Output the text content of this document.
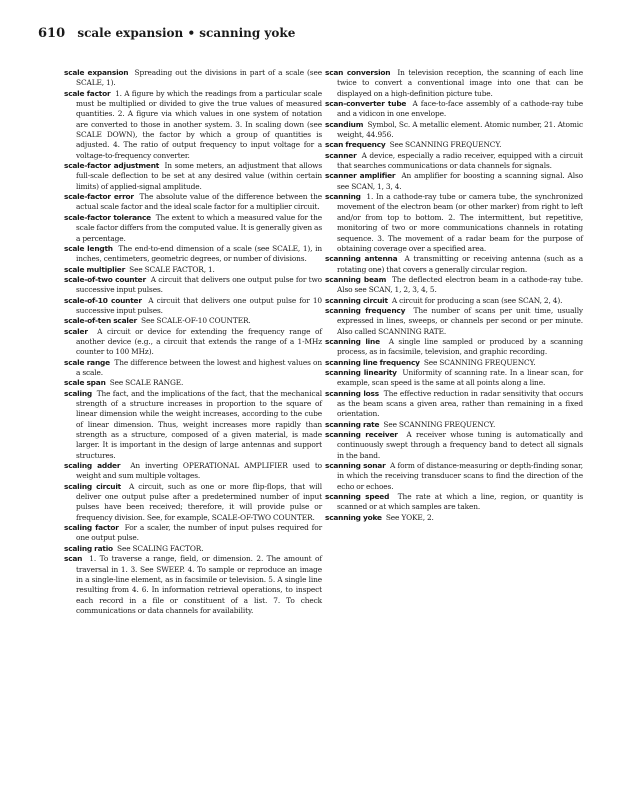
610 scale expansion • scanning yoke

scale expansion Spreading out the divisions in part of a scale (see SCALE, 1).

scale factor 1. A figure by which the readings from a particular scale must be multiplied or divided to give the true values of measured quantities. 2. A figure via which values in one system of notation are converted to those in another system. 3. In scaling down (see SCALE DOWN), the factor by which a group of quantities is adjusted. 4. The ratio of output frequency to input voltage for a voltage-to-frequency converter.

scale-factor adjustment In some meters, an adjustment that allows full-scale deflection to be set at any desired value (within certain limits) of applied-signal amplitude.

scale-factor error The absolute value of the difference between the actual scale factor and the ideal scale factor for a multiplier circuit.

scale-factor tolerance The extent to which a measured value for the scale factor differs from the computed value. It is generally given as a percentage.

scale length The end-to-end dimension of a scale (see SCALE, 1), in inches, centimeters, geometric degrees, or number of divisions.

scale multiplier See SCALE FACTOR, 1.

scale-of-two counter A circuit that delivers one output pulse for two successive input pulses.

scale-of-10 counter A circuit that delivers one output pulse for 10 successive input pulses.

scale-of-ten scaler See SCALE-OF-10 COUNTER.

scaler A circuit or device for extending the frequency range of another device (e.g., a circuit that extends the range of a 1-MHz counter to 100 MHz).

scale range The difference between the lowest and highest values on a scale.

scale span See SCALE RANGE.

scaling The fact, and the implications of the fact, that the mechanical strength of a structure increases in proportion to the square of linear dimension while the weight increases, according to the cube of linear dimension. Thus, weight increases more rapidly than strength as a structure, composed of a given material, is made larger. It is important in the design of large antennas and support structures.

scaling adder An inverting OPERATIONAL AMPLIFIER used to weight and sum multiple voltages.

scaling circuit A circuit, such as one or more flip-flops, that will deliver one output pulse after a predetermined number of input pulses have been received; therefore, it will provide pulse or frequency division. See, for example, SCALE-OF-TWO COUNTER.

scaling factor For a scaler, the number of input pulses required for one output pulse.

scaling ratio See SCALING FACTOR.

scan 1. To traverse a range, field, or dimension. 2. The amount of traversal in 1. 3. See SWEEP. 4. To sample or reproduce an image in a single-line element, as in facsimile or television. 5. A single line resulting from 4. 6. In information retrieval operations, to inspect each record in a file or constituent of a list. 7. To check communications or data channels for availability.

scan conversion In television reception, the scanning of each line twice to convert a conventional image into one that can be displayed on a high-definition picture tube.

scan-converter tube A face-to-face assembly of a cathode-ray tube and a vidicon in one envelope.

scandium Symbol, Sc. A metallic element. Atomic number, 21. Atomic weight, 44.956.

scan frequency See SCANNING FREQUENCY.

scanner A device, especially a radio receiver, equipped with a circuit that searches communications or data channels for signals.

scanner amplifier An amplifier for boosting a scanning signal. Also see SCAN, 1, 3, 4.

scanning 1. In a cathode-ray tube or camera tube, the synchronized movement of the electron beam (or other marker) from right to left and/or from top to bottom. 2. The intermittent, but repetitive, monitoring of two or more communications channels in rotating sequence. 3. The movement of a radar beam for the purpose of obtaining coverage over a specified area.

scanning antenna A transmitting or receiving antenna (such as a rotating one) that covers a generally circular region.

scanning beam The deflected electron beam in a cathode-ray tube. Also see SCAN, 1, 2, 3, 4, 5.

scanning circuit A circuit for producing a scan (see SCAN, 2, 4).

scanning frequency The number of scans per unit time, usually expressed in lines, sweeps, or channels per second or per minute. Also called SCANNING RATE.

scanning line A single line sampled or produced by a scanning process, as in facsimile, television, and graphic recording.

scanning line frequency See SCANNING FREQUENCY.

scanning linearity Uniformity of scanning rate. In a linear scan, for example, scan speed is the same at all points along a line.

scanning loss The effective reduction in radar sensitivity that occurs as the beam scans a given area, rather than remaining in a fixed orientation.

scanning rate See SCANNING FREQUENCY.

scanning receiver A receiver whose tuning is automatically and continuously swept through a frequency band to detect all signals in the band.

scanning sonar A form of distance-measuring or depth-finding sonar, in which the receiving transducer scans to find the direction of the echo or echoes.

scanning speed The rate at which a line, region, or quantity is scanned or at which samples are taken.

scanning yoke See YOKE, 2.
